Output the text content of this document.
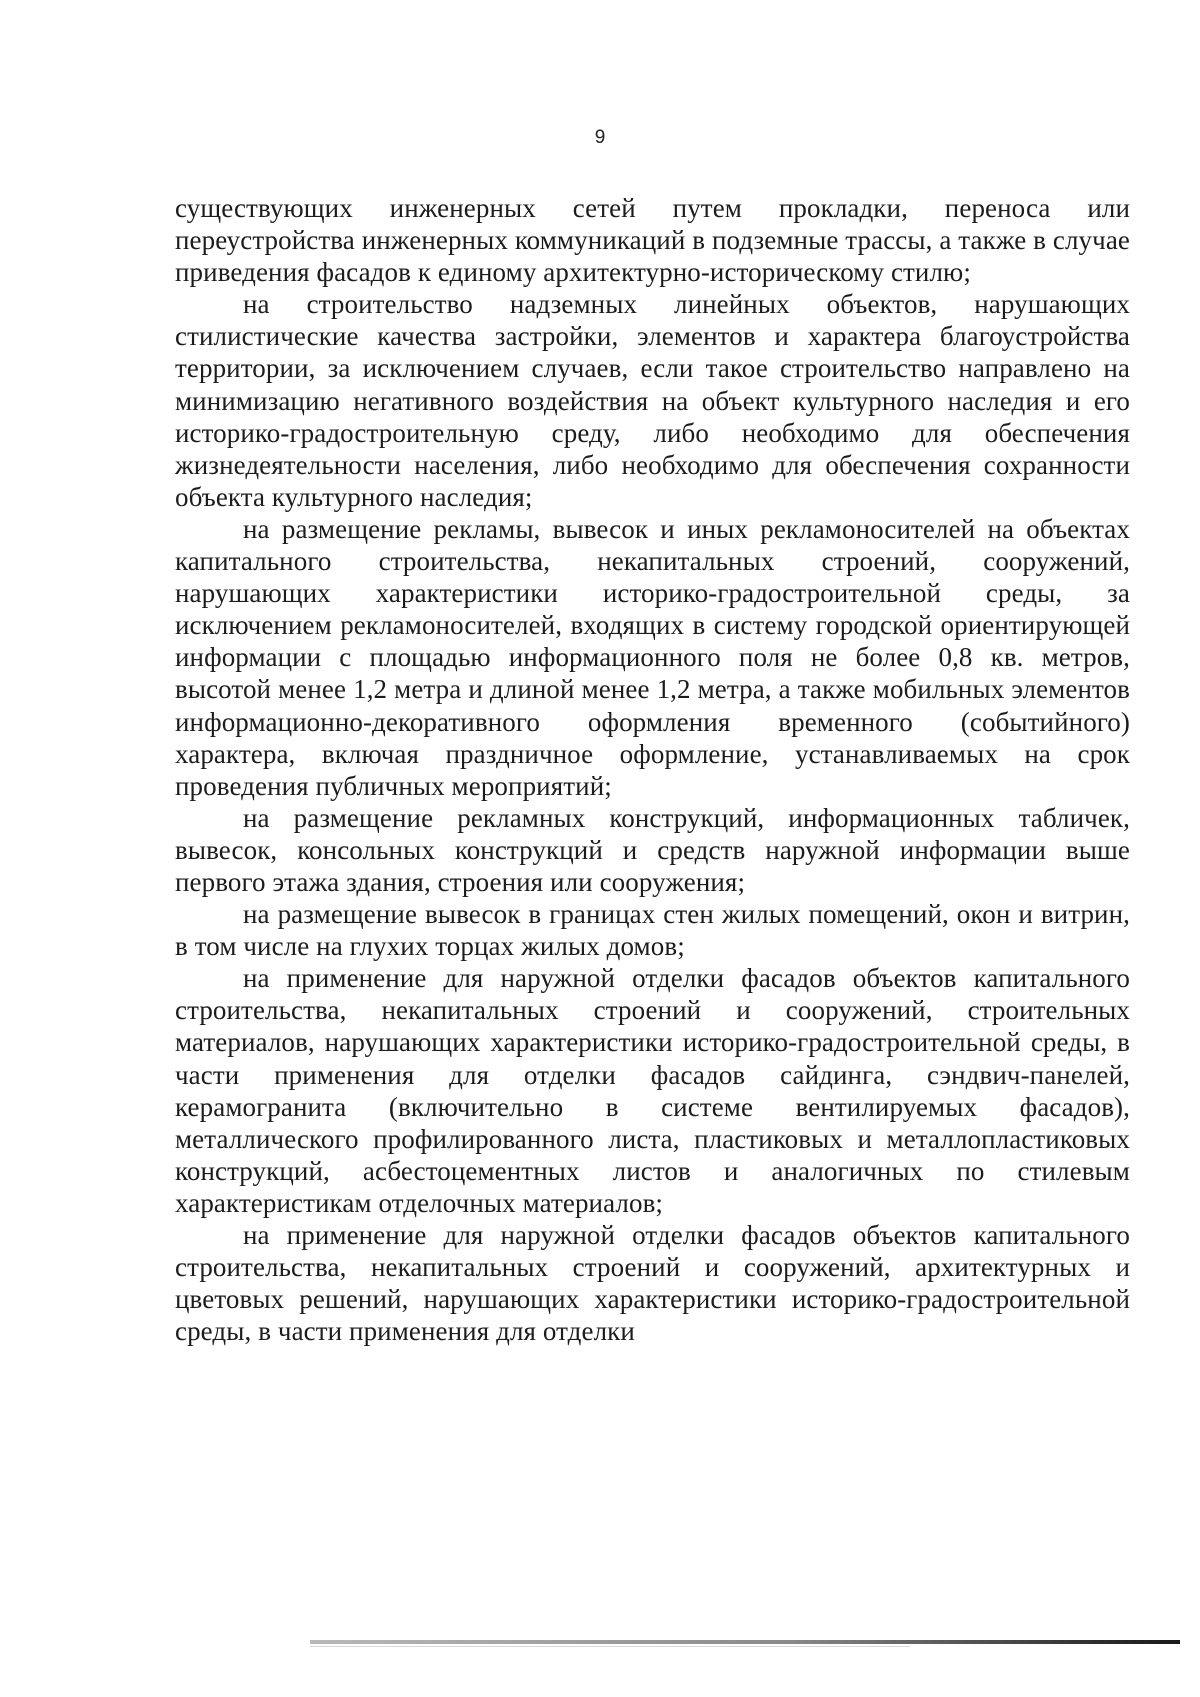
9

существующих инженерных сетей путем прокладки, переноса или переустройства инженерных коммуникаций в подземные трассы, а также в случае приведения фасадов к единому архитектурно-историческому стилю;

на строительство надземных линейных объектов, нарушающих стилистические качества застройки, элементов и характера благоустройства территории, за исключением случаев, если такое строительство направлено на минимизацию негативного воздействия на объект культурного наследия и его историко-градостроительную среду, либо необходимо для обеспечения жизнедеятельности населения, либо необходимо для обеспечения сохранности объекта культурного наследия;

на размещение рекламы, вывесок и иных рекламоносителей на объектах капитального строительства, некапитальных строений, сооружений, нарушающих характеристики историко-градостроительной среды, за исключением рекламоносителей, входящих в систему городской ориентирующей информации с площадью информационного поля не более 0,8 кв. метров, высотой менее 1,2 метра и длиной менее 1,2 метра, а также мобильных элементов информационно-декоративного оформления временного (событийного) характера, включая праздничное оформление, устанавливаемых на срок проведения публичных мероприятий;

на размещение рекламных конструкций, информационных табличек, вывесок, консольных конструкций и средств наружной информации выше первого этажа здания, строения или сооружения;

на размещение вывесок в границах стен жилых помещений, окон и витрин, в том числе на глухих торцах жилых домов;

на применение для наружной отделки фасадов объектов капитального строительства, некапитальных строений и сооружений, строительных материалов, нарушающих характеристики историко-градостроительной среды, в части применения для отделки фасадов сайдинга, сэндвич-панелей, керамогранита (включительно в системе вентилируемых фасадов), металлического профилированного листа, пластиковых и металлопластиковых конструкций, асбестоцементных листов и аналогичных по стилевым характеристикам отделочных материалов;

на применение для наружной отделки фасадов объектов капитального строительства, некапитальных строений и сооружений, архитектурных и цветовых решений, нарушающих характеристики историко-градостроительной среды, в части применения для отделки
